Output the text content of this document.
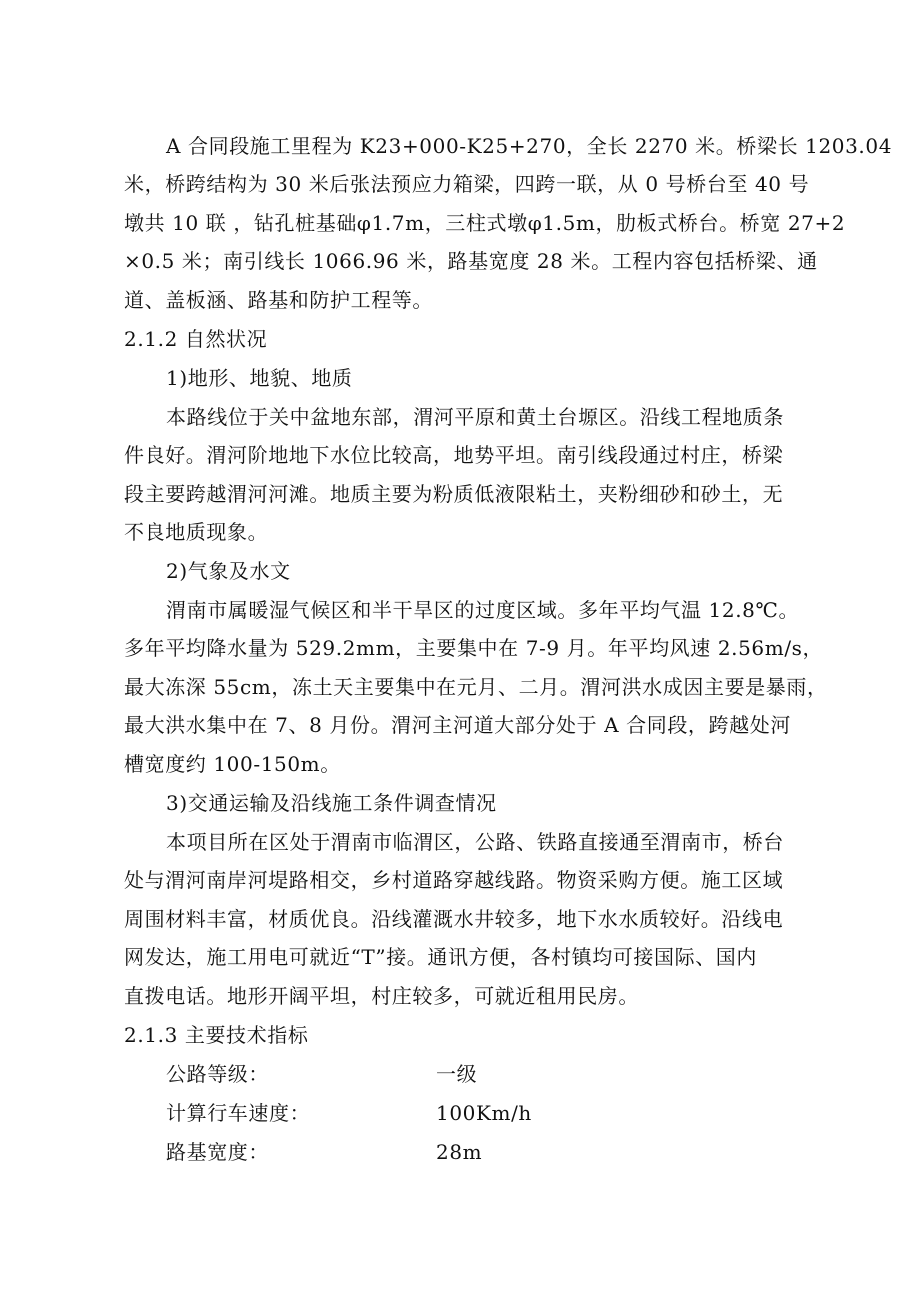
A 合同段施工里程为 K23+000-K25+270，全长 2270 米。桥梁长 1203.04
米，桥跨结构为 30 米后张法预应力箱梁，四跨一联，从 0 号桥台至 40 号
墩共 10 联 ，钻孔桩基础φ1.7m，三柱式墩φ1.5m，肋板式桥台。桥宽 27+2
×0.5 米；南引线长 1066.96 米，路基宽度 28 米。工程内容包括桥梁、通
道、盖板涵、路基和防护工程等。
2.1.2 自然状况
1)地形、地貌、地质
本路线位于关中盆地东部，渭河平原和黄土台塬区。沿线工程地质条
件良好。渭河阶地地下水位比较高，地势平坦。南引线段通过村庄，桥梁
段主要跨越渭河河滩。地质主要为粉质低液限粘土，夹粉细砂和砂土，无
不良地质现象。
2)气象及水文
渭南市属暖湿气候区和半干旱区的过度区域。多年平均气温 12.8℃。
多年平均降水量为 529.2mm，主要集中在 7-9 月。年平均风速 2.56m/s，
最大冻深 55cm，冻土天主要集中在元月、二月。渭河洪水成因主要是暴雨，
最大洪水集中在 7、8 月份。渭河主河道大部分处于 A 合同段，跨越处河
槽宽度约 100-150m。
3)交通运输及沿线施工条件调查情况
本项目所在区处于渭南市临渭区，公路、铁路直接通至渭南市，桥台
处与渭河南岸河堤路相交，乡村道路穿越线路。物资采购方便。施工区域
周围材料丰富，材质优良。沿线灌溉水井较多，地下水水质较好。沿线电
网发达，施工用电可就近“T”接。通讯方便，各村镇均可接国际、国内
直拨电话。地形开阔平坦，村庄较多，可就近租用民房。
2.1.3 主要技术指标
公路等级：	一级
计算行车速度：	100Km/h
路基宽度：	28m
